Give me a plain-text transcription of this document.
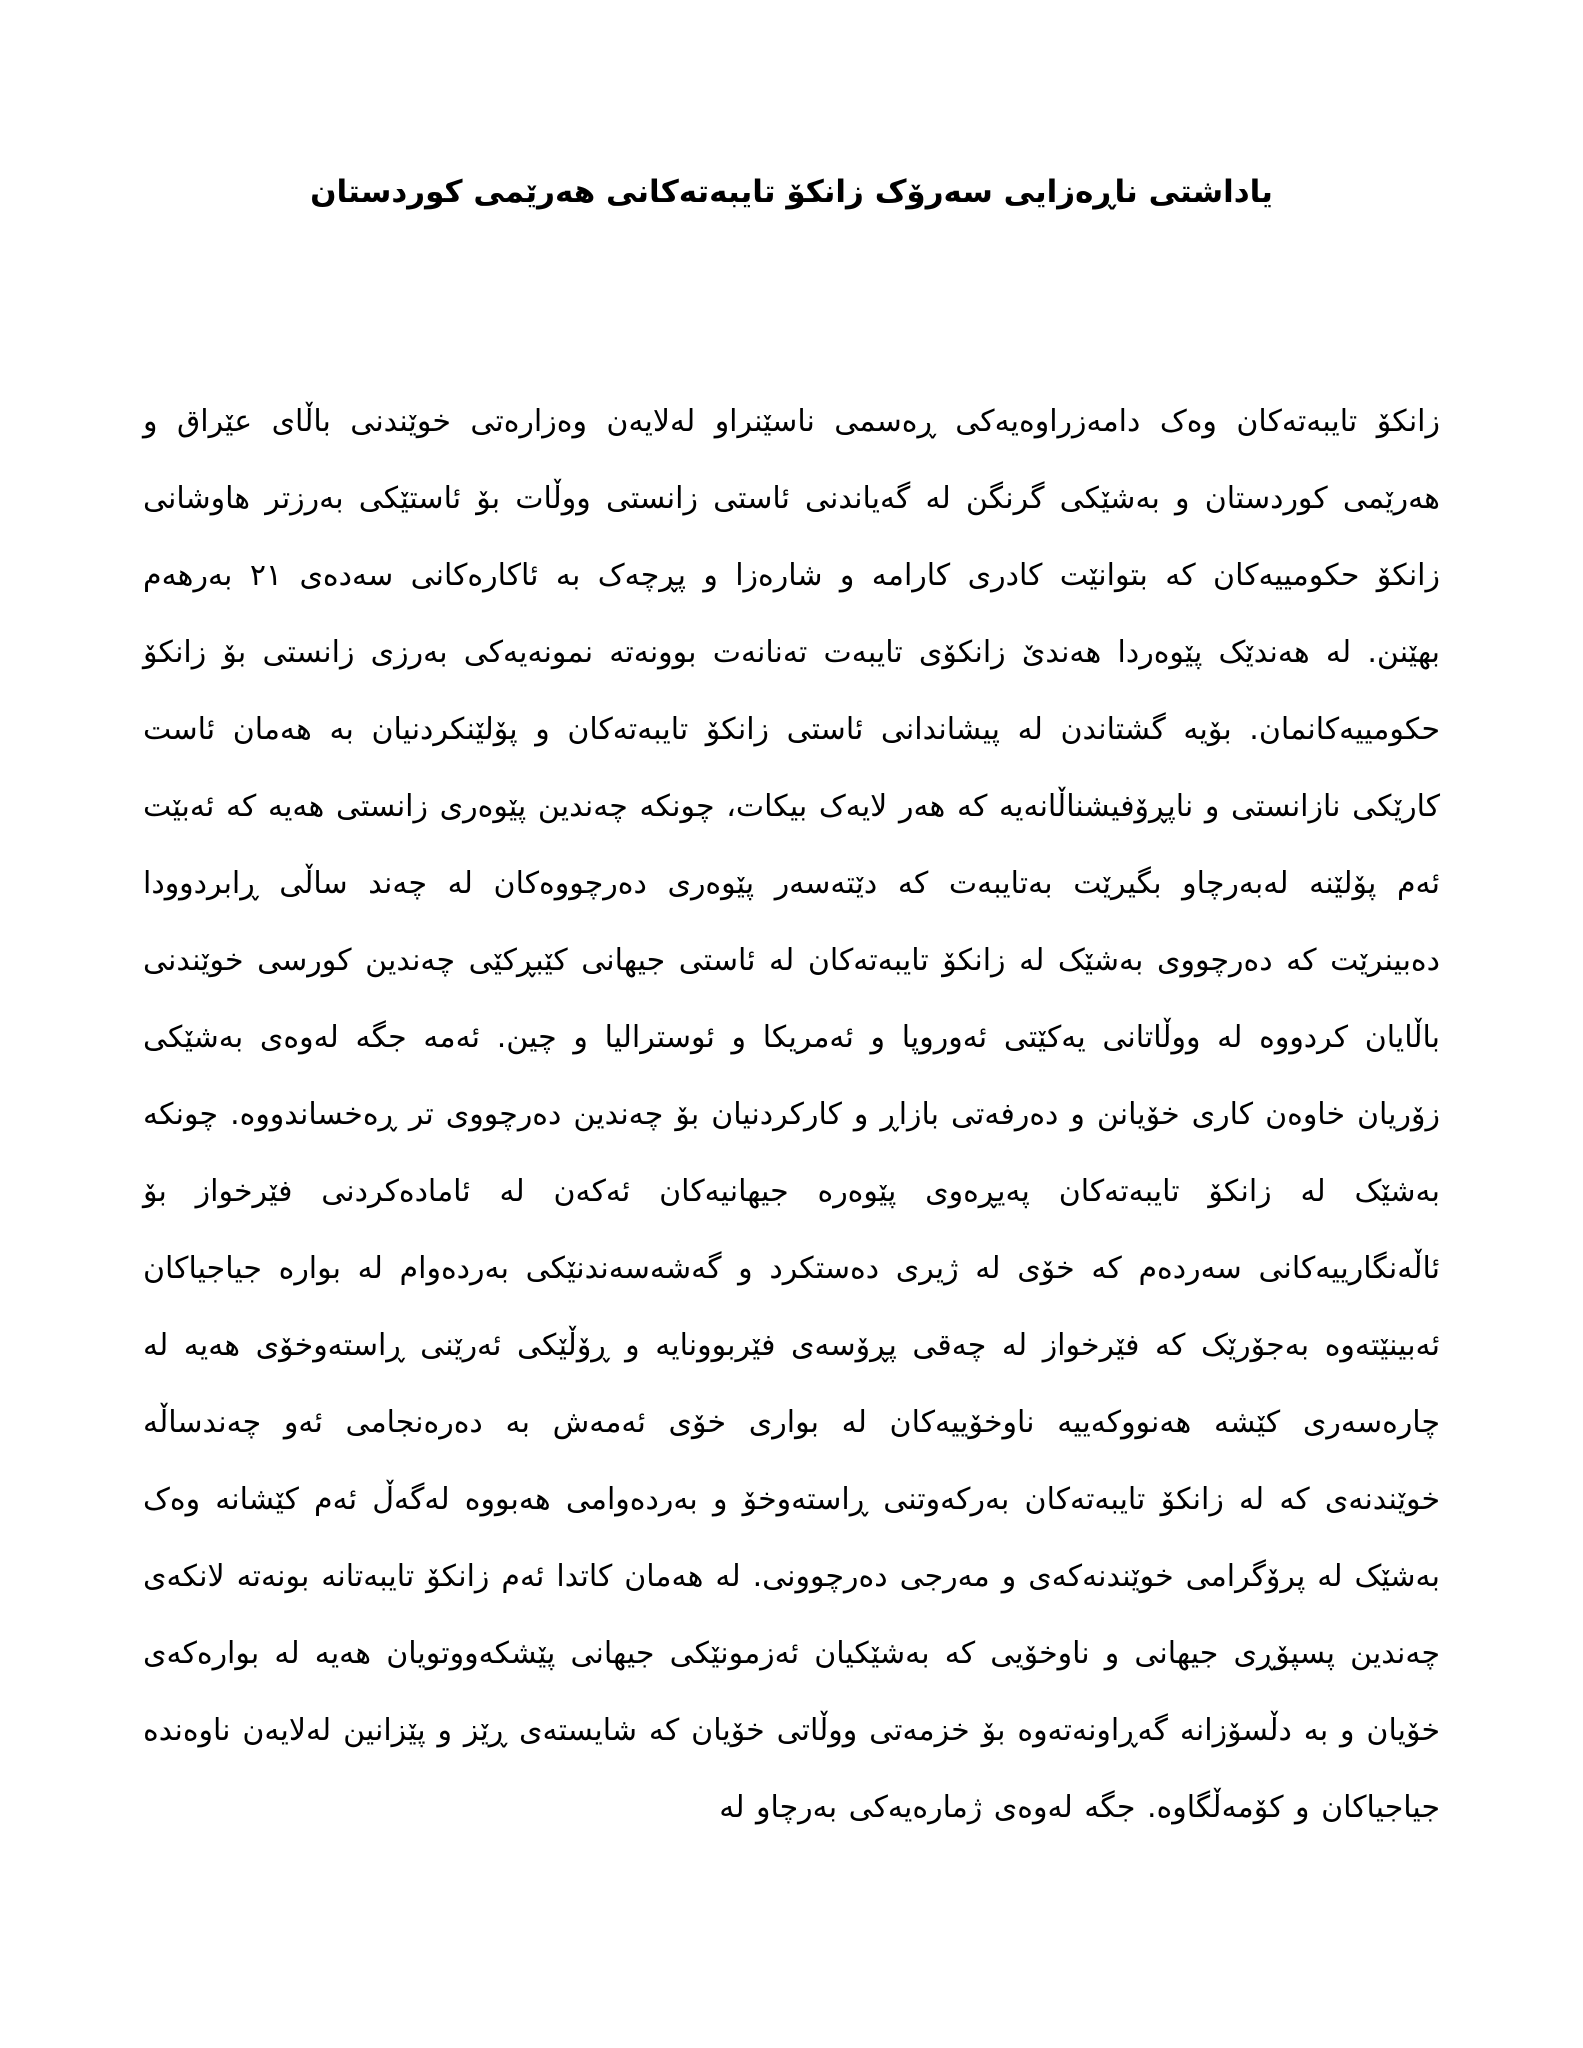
یاداشتی ناڕەزایی سەرۆک زانکۆ تایبەتەکانی هەرێمی کوردستان

زانکۆ تایبەتەکان وەک دامەزراوەیەکی ڕەسمی ناسێنراو لەلایەن وەزارەتی خوێندنی باڵای عێراق و هەرێمی کوردستان و بەشێکی گرنگن لە گەیاندنی ئاستی زانستی ووڵات بۆ ئاستێکی بەرزتر هاوشانی زانکۆ حکومییەکان کە بتوانێت کادری کارامە و شارەزا و پڕچەک بە ئاکارەکانی سەدەی ٢١ بەرهەم بهێنن. لە هەندێک پێوەردا هەندێ زانکۆی تایبەت تەنانەت بوونەتە نمونەیەکی بەرزی زانستی بۆ زانکۆ حکومییەکانمان. بۆیە گشتاندن لە پیشاندانی ئاستی زانکۆ تایبەتەکان و پۆلێنکردنیان بە هەمان ئاست کارێکی نازانستی و ناپڕۆفیشناڵانەیە کە هەر لایەک بیکات، چونکە چەندین پێوەری زانستی هەیە کە ئەبێت ئەم پۆلێنە لەبەرچاو بگیرێت بەتایبەت کە دێتەسەر پێوەری دەرچووەکان لە چەند ساڵی ڕابردوودا دەبینرێت کە دەرچووی بەشێک لە زانکۆ تایبەتەکان لە ئاستی جیهانی کێبڕکێی چەندین کورسی خوێندنی باڵایان کردووە لە ووڵاتانی یەکێتی ئەوروپا و ئەمریکا و ئوسترالیا و چین. ئەمە جگە لەوەی بەشێکی زۆریان خاوەن کاری خۆیانن و دەرفەتی بازاڕ و کارکردنیان بۆ چەندین دەرچووی تر ڕەخساندووە. چونکە بەشێک لە زانکۆ تایبەتەکان پەیڕەوی پێوەرە جیهانیەکان ئەکەن لە ئامادەکردنی فێرخواز بۆ ئاڵەنگارییەکانی سەردەم کە خۆی لە ژیری دەستکرد و گەشەسەندنێکی بەردەوام لە بوارە جیاجیاکان ئەبینێتەوە بەجۆرێک کە فێرخواز لە چەقی پڕۆسەی فێربوونایە و ڕۆڵێکی ئەرێنی ڕاستەوخۆی هەیە لە چارەسەری کێشە هەنووکەییە ناوخۆییەکان لە بواری خۆی ئەمەش بە دەرەنجامی ئەو چەندساڵە خوێندنەی کە لە زانکۆ تایبەتەکان بەرکەوتنی ڕاستەوخۆ و بەردەوامی هەبووە لەگەڵ ئەم کێشانە وەک بەشێک لە پرۆگرامی خوێندنەکەی و مەرجی دەرچوونی. لە هەمان کاتدا ئەم زانکۆ تایبەتانە بونەتە لانکەی چەندین پسپۆڕی جیهانی و ناوخۆیی کە بەشێکیان ئەزمونێکی جیهانی پێشکەووتویان هەیە لە بوارەکەی خۆیان و بە دڵسۆزانە گەڕاونەتەوە بۆ خزمەتی ووڵاتی خۆیان کە شایستەی ڕێز و پێزانین لەلایەن ناوەندە جیاجیاکان و کۆمەڵگاوە. جگە لەوەی ژمارەیەکی بەرچاو لە
